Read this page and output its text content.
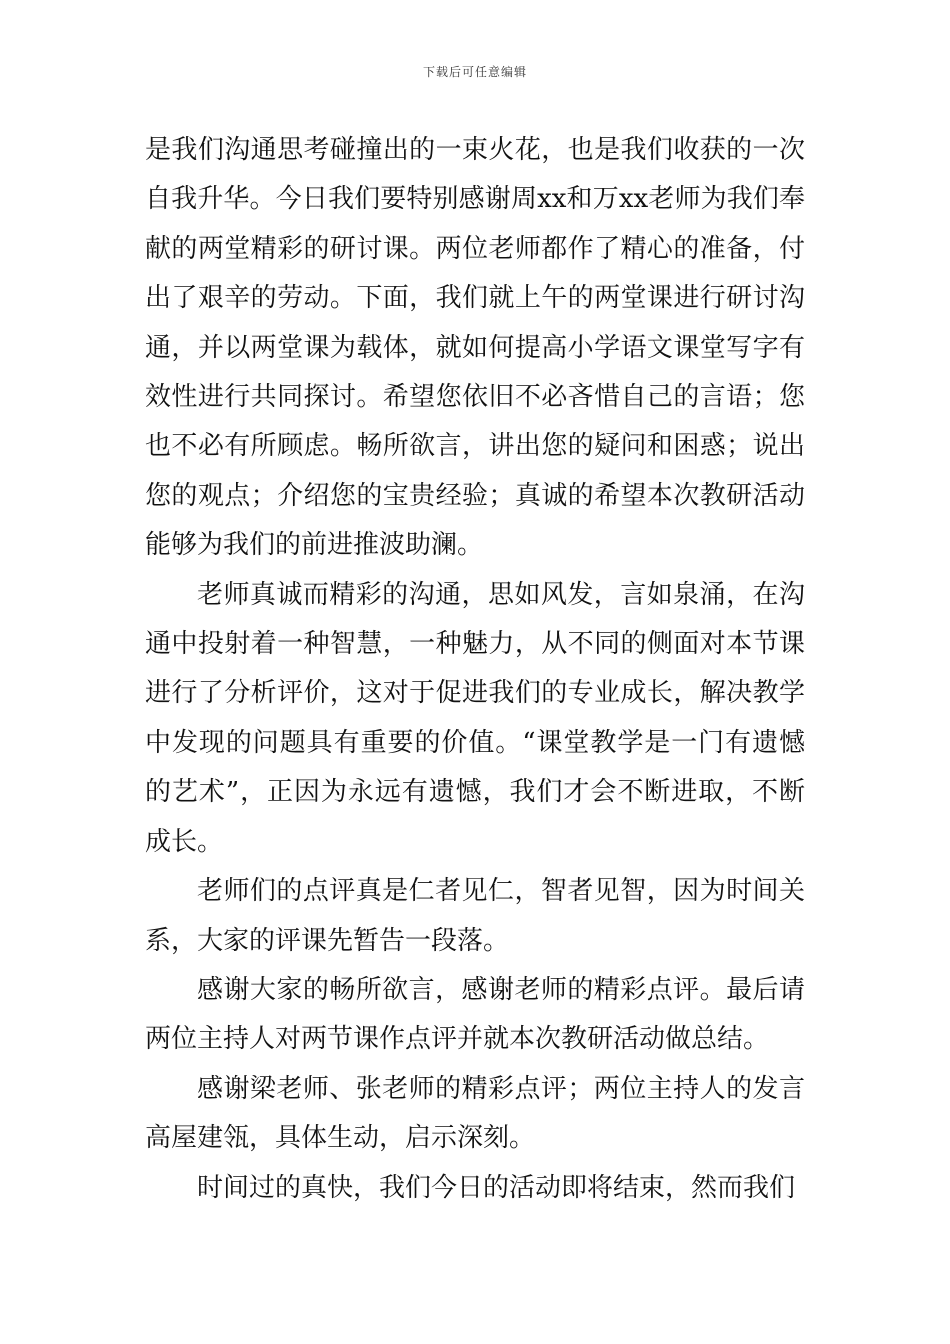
下载后可任意编辑

是我们沟通思考碰撞出的一束火花，也是我们收获的一次自我升华。今日我们要特别感谢周xx和万xx老师为我们奉献的两堂精彩的研讨课。两位老师都作了精心的准备，付出了艰辛的劳动。下面，我们就上午的两堂课进行研讨沟通，并以两堂课为载体，就如何提高小学语文课堂写字有效性进行共同探讨。希望您依旧不必吝惜自己的言语；您也不必有所顾虑。畅所欲言，讲出您的疑问和困惑；说出您的观点；介绍您的宝贵经验；真诚的希望本次教研活动能够为我们的前进推波助澜。

老师真诚而精彩的沟通，思如风发，言如泉涌，在沟通中投射着一种智慧，一种魅力，从不同的侧面对本节课进行了分析评价，这对于促进我们的专业成长，解决教学中发现的问题具有重要的价值。“课堂教学是一门有遗憾的艺术”，正因为永远有遗憾，我们才会不断进取，不断成长。

老师们的点评真是仁者见仁，智者见智，因为时间关系，大家的评课先暂告一段落。

感谢大家的畅所欲言，感谢老师的精彩点评。最后请两位主持人对两节课作点评并就本次教研活动做总结。

感谢梁老师、张老师的精彩点评；两位主持人的发言高屋建瓴，具体生动，启示深刻。

时间过的真快，我们今日的活动即将结束，然而我们
